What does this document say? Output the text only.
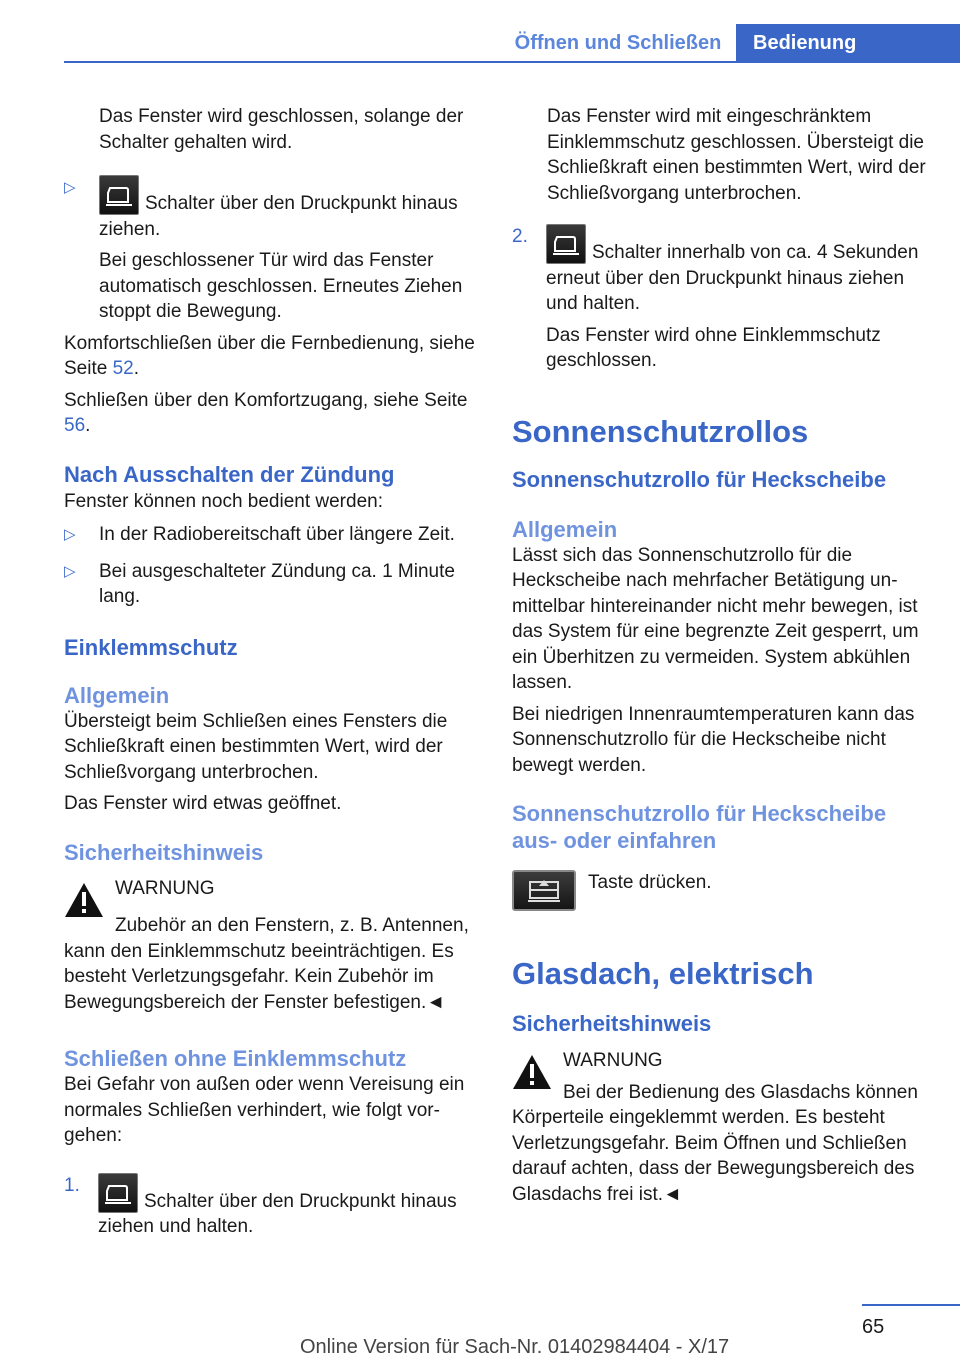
Öffnen und Schließen	Bedienung

Das Fenster wird geschlossen, solange der Schalter gehalten wird.

▷

Schalter über den Druckpunkt hinaus ziehen.

Bei geschlossener Tür wird das Fenster automatisch geschlossen. Erneutes Ziehen stoppt die Bewegung.

Komfortschließen über die Fernbedienung, siehe Seite 52.

Schließen über den Komfortzugang, siehe Seite 56.

Nach Ausschalten der Zündung

Fenster können noch bedient werden:

▷ In der Radiobereitschaft über längere Zeit.

▷ Bei ausgeschalteter Zündung ca. 1 Minute lang.

Einklemmschutz
Allgemein

Übersteigt beim Schließen eines Fensters die Schließkraft einen bestimmten Wert, wird der Schließvorgang unterbrochen.

Das Fenster wird etwas geöffnet.

Sicherheitshinweis

WARNUNG

Zubehör an den Fenstern, z. B. Antennen, kann den Einklemmschutz beeinträchtigen. Es besteht Verletzungsgefahr. Kein Zubehör im Bewegungsbereich der Fenster befestigen.◄

Schließen ohne Einklemmschutz

Bei Gefahr von außen oder wenn Vereisung ein normales Schließen verhindert, wie folgt vorgehen:

1.

Schalter über den Druckpunkt hinaus ziehen und halten.

Das Fenster wird mit eingeschränktem Einklemmschutz geschlossen. Übersteigt die Schließkraft einen bestimmten Wert, wird der Schließvorgang unterbrochen.

2.

Schalter innerhalb von ca. 4 Sekunden erneut über den Druckpunkt hinaus ziehen und halten.

Das Fenster wird ohne Einklemmschutz geschlossen.

Sonnenschutzrollos
Sonnenschutzrollo für Heckscheibe
Allgemein

Lässt sich das Sonnenschutzrollo für die Heckscheibe nach mehrfacher Betätigung unmittelbar hintereinander nicht mehr bewegen, ist das System für eine begrenzte Zeit gesperrt, um ein Überhitzen zu vermeiden. System abkühlen lassen.

Bei niedrigen Innenraumtemperaturen kann das Sonnenschutzrollo für die Heckscheibe nicht bewegt werden.

Sonnenschutzrollo für Heckscheibe aus- oder einfahren

Taste drücken.

Glasdach, elektrisch
Sicherheitshinweis

WARNUNG

Bei der Bedienung des Glasdachs können Körperteile eingeklemmt werden. Es besteht Verletzungsgefahr. Beim Öffnen und Schließen darauf achten, dass der Bewegungsbereich des Glasdachs frei ist.◄

65
Online Version für Sach-Nr. 01402984404 - X/17
